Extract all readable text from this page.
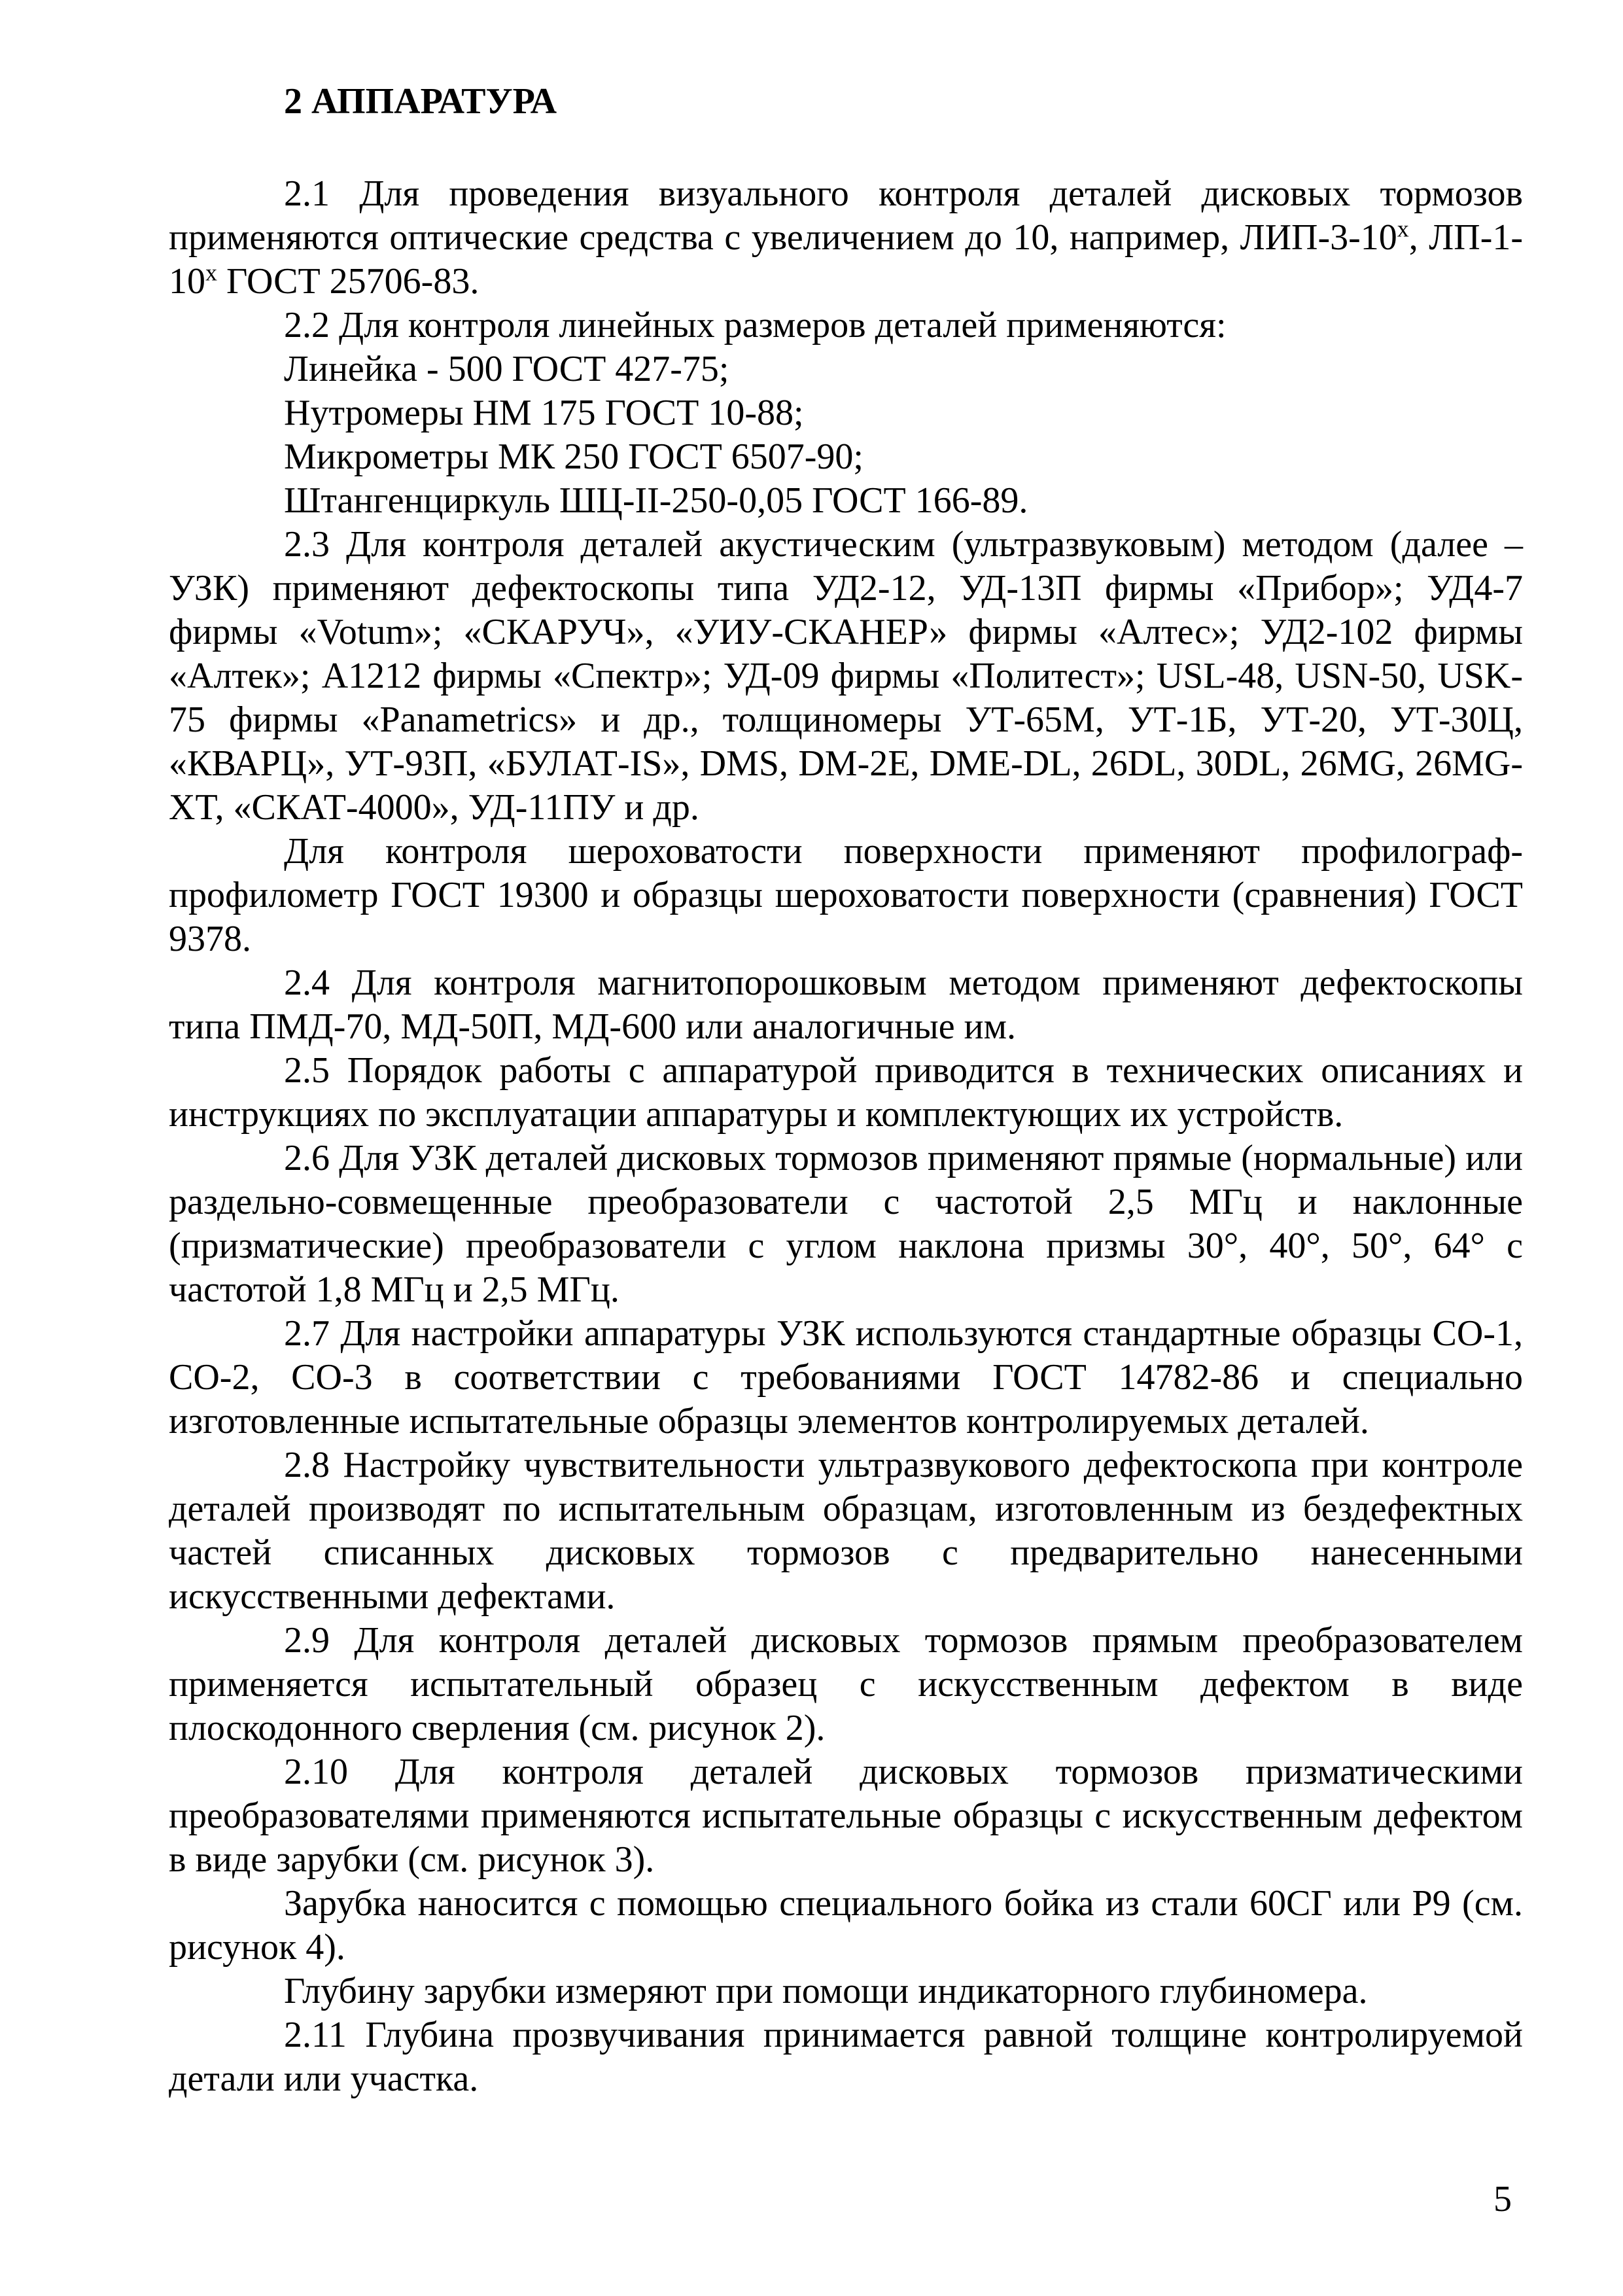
2 АППАРАТУРА

2.1 Для проведения визуального контроля деталей дисковых тормозов применяются оптические средства с увеличением до 10, например, ЛИП-$3-10^х$, $ЛП-1-10^х$ ГОСТ 25706-83.

2.2 Для контроля линейных размеров деталей применяются:

Линейка - 500 ГОСТ 427-75;

Нутромеры НМ 175 ГОСТ 10-88;

Микрометры МК 250 ГОСТ 6507-90;

Штангенциркуль ШЦ-II-250-0,05 ГОСТ 166-89.

2.3 Для контроля деталей акустическим (ультразвуковым) методом (далее – УЗК) применяют дефектоскопы типа УД2-12, УД-13П фирмы «Прибор»; УД4-7 фирмы «Votum»; «СКАРУЧ», «УИУ-СКАНЕР» фирмы «Алтес»; УД2-102 фирмы «Алтек»; А1212 фирмы «Спектр»; УД-09 фирмы «Политест»; USL-48, USN-50, USK-75 фирмы «Panametrics» и др., толщиномеры УТ-65М, УТ-1Б, УТ-20, УТ-30Ц, «КВАРЦ», УТ-93П, «БУЛАТ-IS», DMS, DM-2E, DME-DL, 26DL, 30DL, 26MG, 26MG-XT, «СКАТ-4000», УД-11ПУ и др.

Для контроля шероховатости поверхности применяют профилограф-профилометр ГОСТ 19300 и образцы шероховатости поверхности (сравнения) ГОСТ 9378.

2.4 Для контроля магнитопорошковым методом применяют дефектоскопы типа ПМД-70, МД-50П, МД-600 или аналогичные им.

2.5 Порядок работы с аппаратурой приводится в технических описаниях и инструкциях по эксплуатации аппаратуры и комплектующих их устройств.

2.6 Для УЗК деталей дисковых тормозов применяют прямые (нормальные) или раздельно-совмещенные преобразователи с частотой 2,5 МГц и наклонные (призматические) преобразователи с углом наклона призмы 30°, 40°, 50°, 64° с частотой 1,8 МГц и 2,5 МГц.

2.7 Для настройки аппаратуры УЗК используются стандартные образцы СО-1, СО-2, СО-3 в соответствии с требованиями ГОСТ 14782-86 и специально изготовленные испытательные образцы элементов контролируемых деталей.

2.8 Настройку чувствительности ультразвукового дефектоскопа при контроле деталей производят по испытательным образцам, изготовленным из бездефектных частей списанных дисковых тормозов с предварительно нанесенными искусственными дефектами.

2.9 Для контроля деталей дисковых тормозов прямым преобразователем применяется испытательный образец с искусственным дефектом в виде плоскодонного сверления (см. рисунок 2).

2.10 Для контроля деталей дисковых тормозов призматическими преобразователями применяются испытательные образцы с искусственным дефектом в виде зарубки (см. рисунок 3).

Зарубка наносится с помощью специального бойка из стали 60СГ или Р9 (см. рисунок 4).

Глубину зарубки измеряют при помощи индикаторного глубиномера.

2.11 Глубина прозвучивания принимается равной толщине контролируемой детали или участка.

5
